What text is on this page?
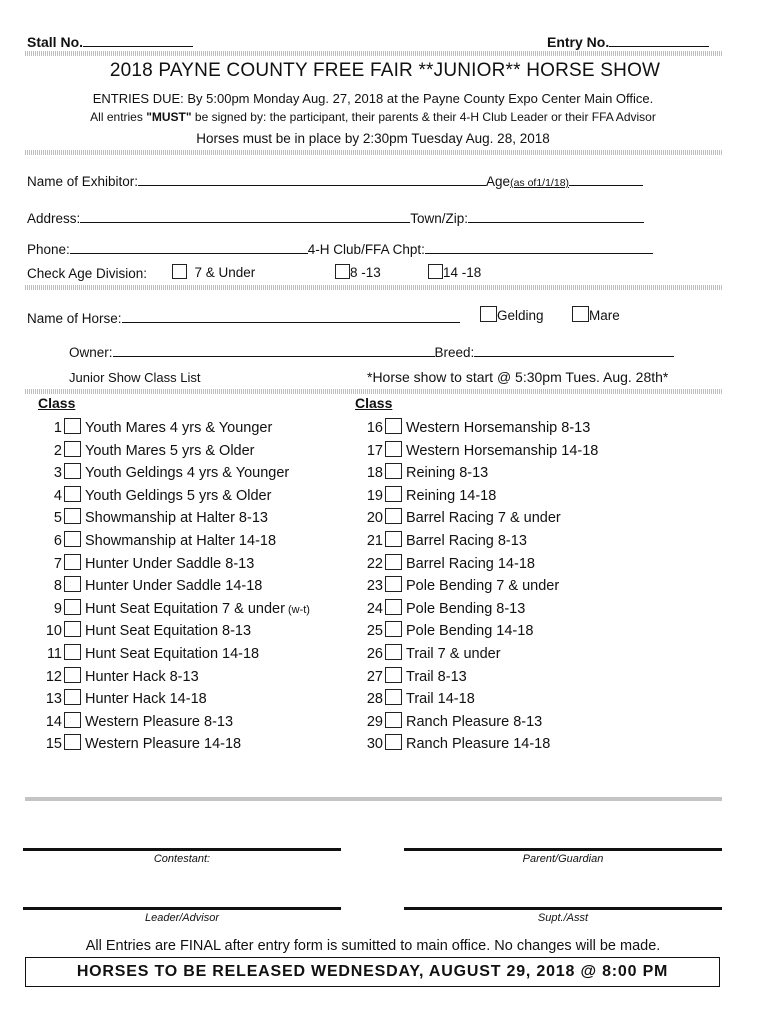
Stall No.	Entry No.
2018 PAYNE COUNTY FREE FAIR **JUNIOR** HORSE SHOW
ENTRIES DUE: By 5:00pm Monday Aug. 27, 2018 at the Payne County Expo Center Main Office.
All entries "MUST" be signed by: the participant, their parents & their 4-H Club Leader or their FFA Advisor
Horses must be in place by 2:30pm Tuesday Aug. 28, 2018
Name of Exhibitor:	Age(as of1/1/18)
Address:	Town/Zip:
Phone:	4-H Club/FFA Chpt:
Check Age Division:	7 & Under	8 -13	14 -18
Name of Horse:	Gelding	Mare
Owner:	Breed:
Junior Show Class List	*Horse show to start @ 5:30pm Tues. Aug. 28th*
Class	Class
1 Youth Mares 4 yrs & Younger
2 Youth Mares 5 yrs & Older
3 Youth Geldings 4 yrs & Younger
4 Youth Geldings 5 yrs & Older
5 Showmanship at Halter 8-13
6 Showmanship at Halter 14-18
7 Hunter Under Saddle 8-13
8 Hunter Under Saddle 14-18
9 Hunt Seat Equitation 7 & under (w-t)
10 Hunt Seat Equitation 8-13
11 Hunt Seat Equitation 14-18
12 Hunter Hack 8-13
13 Hunter Hack 14-18
14 Western Pleasure 8-13
15 Western Pleasure 14-18
16 Western Horsemanship 8-13
17 Western Horsemanship 14-18
18 Reining 8-13
19 Reining 14-18
20 Barrel Racing 7 & under
21 Barrel Racing 8-13
22 Barrel Racing 14-18
23 Pole Bending 7 & under
24 Pole Bending 8-13
25 Pole Bending 14-18
26 Trail 7 & under
27 Trail 8-13
28 Trail 14-18
29 Ranch Pleasure 8-13
30 Ranch Pleasure 14-18
Contestant:	Parent/Guardian
Leader/Advisor	Supt./Asst
All Entries are FINAL after entry form is sumitted to main office. No changes will be made.
HORSES TO BE RELEASED WEDNESDAY, AUGUST 29, 2018 @ 8:00 PM
